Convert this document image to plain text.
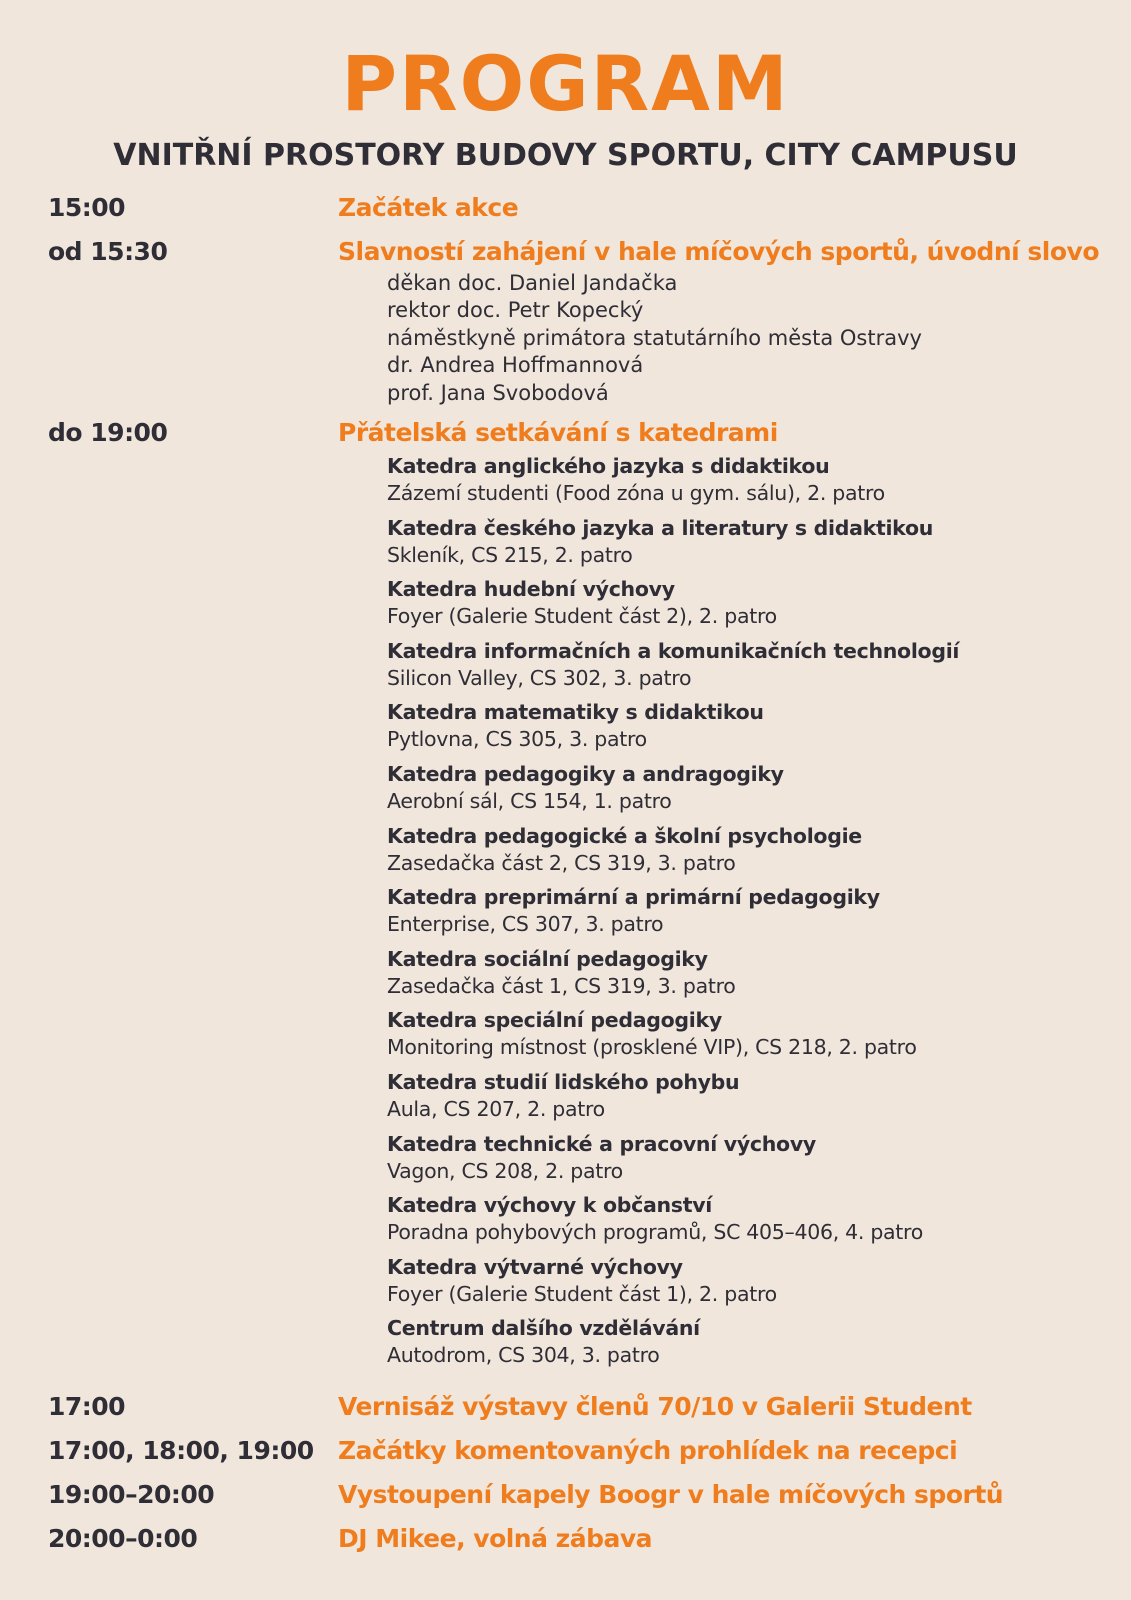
PROGRAM
VNITŘNÍ PROSTORY BUDOVY SPORTU, CITY CAMPUSU
15:00	Začátek akce
od 15:30	Slavností zahájení v hale míčových sportů, úvodní slovo
děkan doc. Daniel Jandačka
rektor doc. Petr Kopecký
náměstkyně primátora statutárního města Ostravy
dr. Andrea Hoffmannová
prof. Jana Svobodová
do 19:00	Přátelská setkávání s katedrami
Katedra anglického jazyka s didaktikou
Zázemí studenti (Food zóna u gym. sálu), 2. patro
Katedra českého jazyka a literatury s didaktikou
Skleník, CS 215, 2. patro
Katedra hudební výchovy
Foyer (Galerie Student část 2), 2. patro
Katedra informačních a komunikačních technologií
Silicon Valley, CS 302, 3. patro
Katedra matematiky s didaktikou
Pytlovna, CS 305, 3. patro
Katedra pedagogiky a andragogiky
Aerobní sál, CS 154, 1. patro
Katedra pedagogické a školní psychologie
Zasedačka část 2, CS 319, 3. patro
Katedra preprimární a primární pedagogiky
Enterprise, CS 307, 3. patro
Katedra sociální pedagogiky
Zasedačka část 1, CS 319, 3. patro
Katedra speciální pedagogiky
Monitoring místnost (prosklené VIP), CS 218, 2. patro
Katedra studií lidského pohybu
Aula, CS 207, 2. patro
Katedra technické a pracovní výchovy
Vagon, CS 208, 2. patro
Katedra výchovy k občanství
Poradna pohybových programů, SC 405–406, 4. patro
Katedra výtvarné výchovy
Foyer (Galerie Student část 1), 2. patro
Centrum dalšího vzdělávání
Autodrom, CS 304, 3. patro
17:00	Vernisáž výstavy členů 70/10 v Galerii Student
17:00, 18:00, 19:00 Začátky komentovaných prohlídek na recepci
19:00–20:00	Vystoupení kapely Boogr v hale míčových sportů
20:00–0:00	DJ Mikee, volná zábava
